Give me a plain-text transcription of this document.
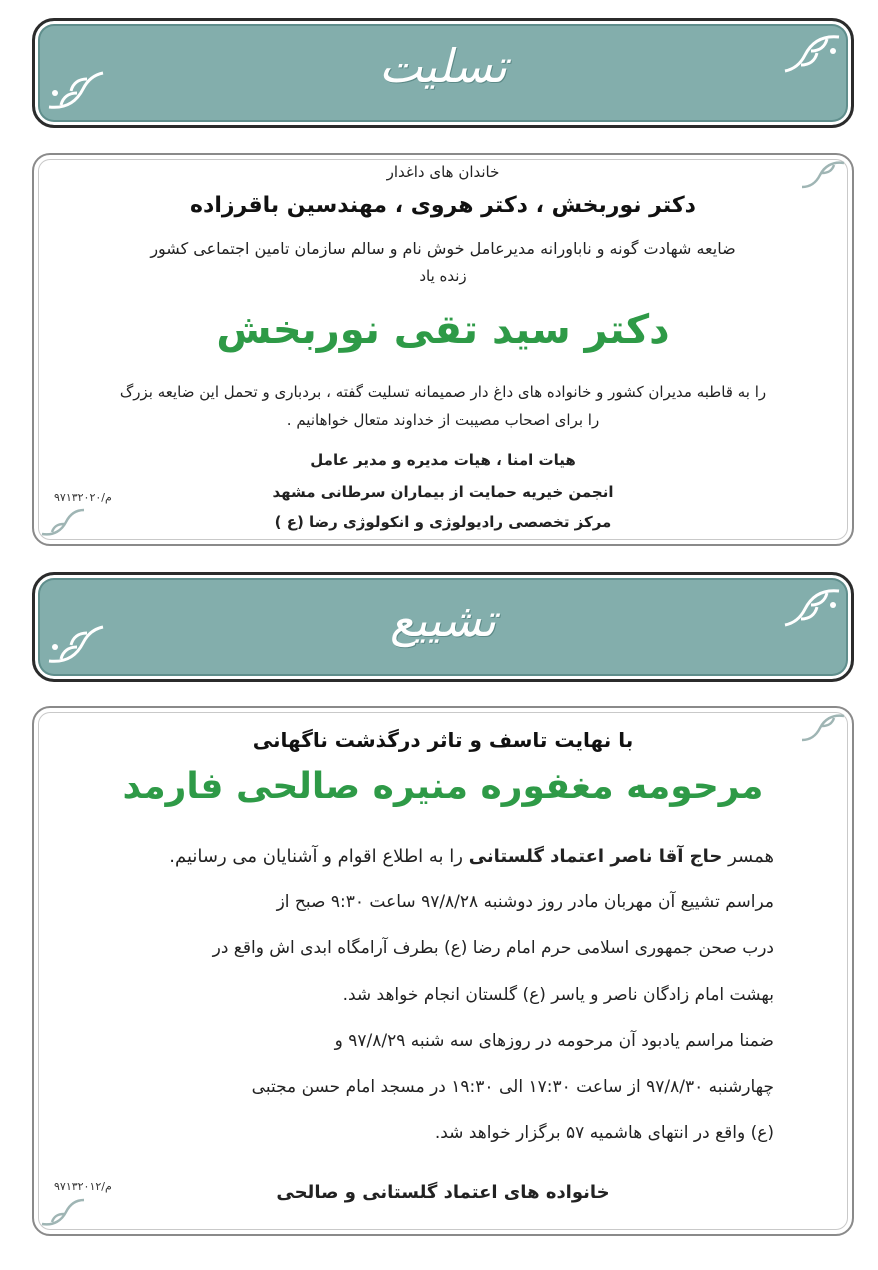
تسلیت
خاندان های داغدار
دکتر نوربخش ، دکتر هروی ، مهندسین باقرزاده
ضایعه شهادت گونه و ناباورانه مدیرعامل خوش نام و سالم سازمان تامین اجتماعی کشور
زنده یاد
دکتر سید تقی نوربخش
را به قاطبه مدیران کشور و خانواده های داغ دار صمیمانه تسلیت گفته ، بردباری و تحمل این ضایعه بزرگ
را برای اصحاب مصیبت از خداوند متعال خواهانیم .
هیات امنا ، هیات مدیره و مدیر عامل
انجمن خیریه حمایت از بیماران سرطانی مشهد
مرکز تخصصی رادیولوژی و انکولوژی رضا (ع )
م/۹۷۱۳۲۰۲۰
تشییع
با نهایت تاسف و تاثر درگذشت ناگهانی
مرحومه مغفوره منیره صالحی فارمد
همسر حاج آقا ناصر اعتماد گلستانی را به اطلاع اقوام و آشنایان می رسانیم.
مراسم تشییع آن مهربان مادر روز دوشنبه ۹۷/۸/۲۸ ساعت ۹:۳۰ صبح از
درب صحن جمهوری اسلامی حرم امام رضا (ع) بطرف آرامگاه ابدی اش واقع در
بهشت امام زادگان ناصر و یاسر (ع) گلستان انجام خواهد شد.
ضمنا مراسم یادبود آن مرحومه در روزهای سه شنبه ۹۷/۸/۲۹ و
چهارشنبه ۹۷/۸/۳۰ از ساعت ۱۷:۳۰ الی ۱۹:۳۰ در مسجد امام حسن مجتبی
(ع) واقع در انتهای هاشمیه ۵۷ برگزار خواهد شد.
خانواده های اعتماد گلستانی و صالحی
م/۹۷۱۳۲۰۱۲
